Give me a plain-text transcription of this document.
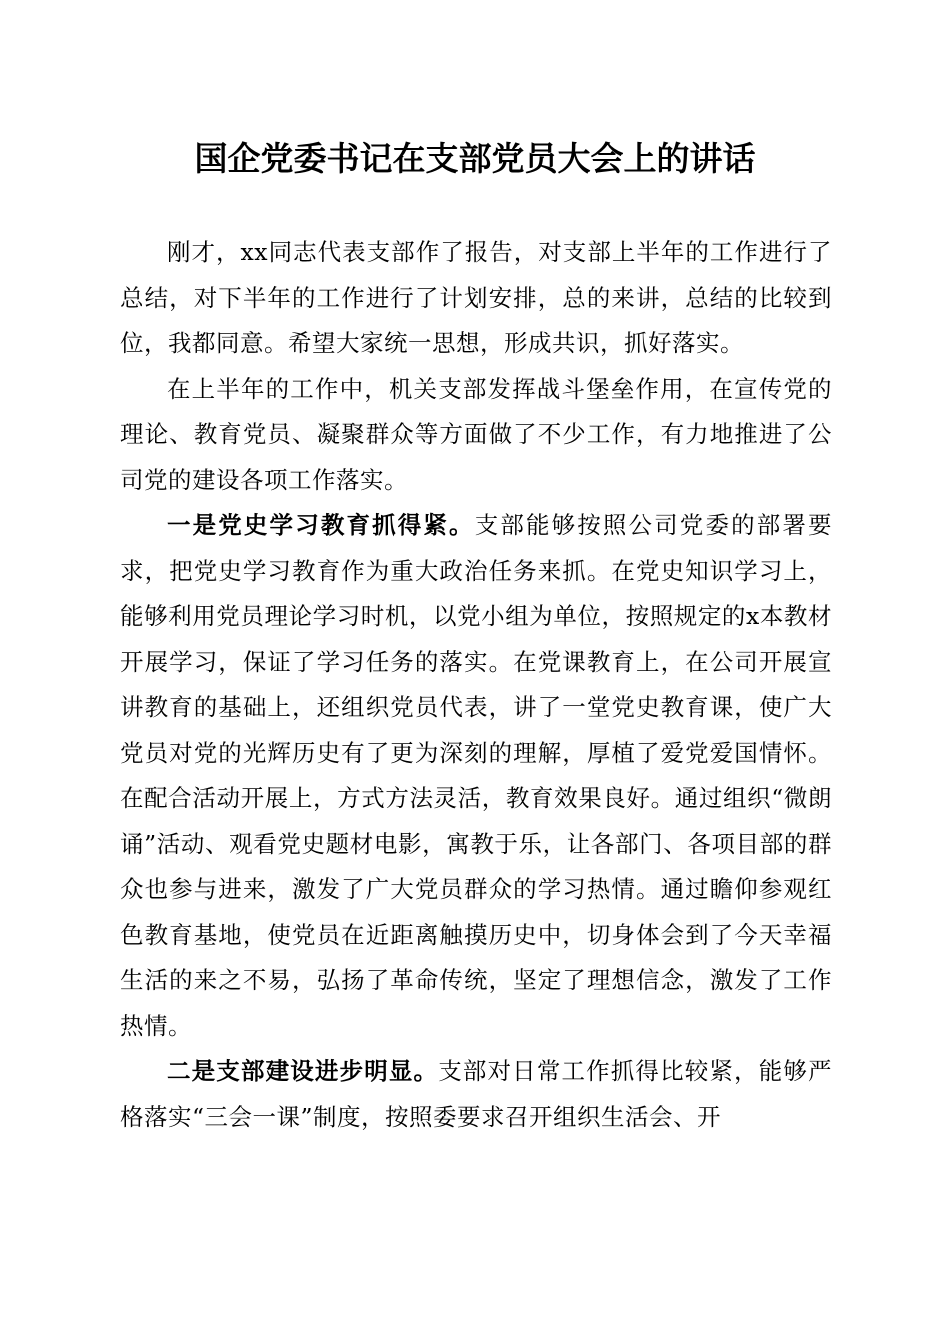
国企党委书记在支部党员大会上的讲话

刚才，xx同志代表支部作了报告，对支部上半年的工作进行了总结，对下半年的工作进行了计划安排，总的来讲，总结的比较到位，我都同意。希望大家统一思想，形成共识，抓好落实。

在上半年的工作中，机关支部发挥战斗堡垒作用，在宣传党的理论、教育党员、凝聚群众等方面做了不少工作，有力地推进了公司党的建设各项工作落实。

一是党史学习教育抓得紧。支部能够按照公司党委的部署要求，把党史学习教育作为重大政治任务来抓。在党史知识学习上，能够利用党员理论学习时机，以党小组为单位，按照规定的x本教材开展学习，保证了学习任务的落实。在党课教育上，在公司开展宣讲教育的基础上，还组织党员代表，讲了一堂党史教育课，使广大党员对党的光辉历史有了更为深刻的理解，厚植了爱党爱国情怀。在配合活动开展上，方式方法灵活，教育效果良好。通过组织“微朗诵”活动、观看党史题材电影，寓教于乐，让各部门、各项目部的群众也参与进来，激发了广大党员群众的学习热情。通过瞻仰参观红色教育基地，使党员在近距离触摸历史中，切身体会到了今天幸福生活的来之不易，弘扬了革命传统，坚定了理想信念，激发了工作热情。

二是支部建设进步明显。支部对日常工作抓得比较紧，能够严格落实“三会一课”制度，按照委要求召开组织生活会、开
